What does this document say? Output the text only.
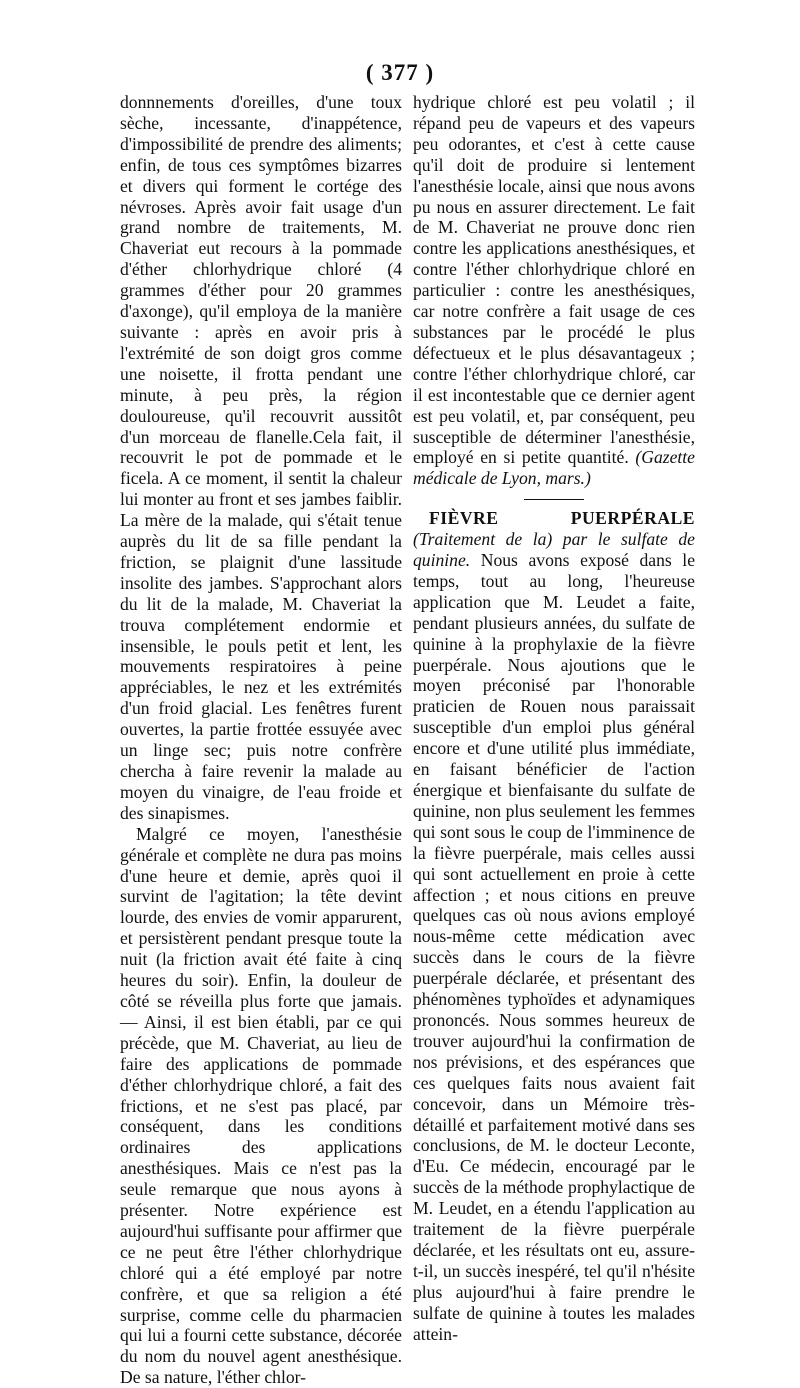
( 377 )

donnnements d'oreilles, d'une toux sèche, incessante, d'inappétence, d'impossibilité de prendre des aliments; enfin, de tous ces symptômes bizarres et divers qui forment le cortége des névroses. Après avoir fait usage d'un grand nombre de traitements, M. Chaveriat eut recours à la pommade d'éther chlorhydrique chloré (4 grammes d'éther pour 20 grammes d'axonge), qu'il employa de la manière suivante : après en avoir pris à l'extrémité de son doigt gros comme une noisette, il frotta pendant une minute, à peu près, la région douloureuse, qu'il recouvrit aussitôt d'un morceau de flanelle.Cela fait, il recouvrit le pot de pommade et le ficela. A ce moment, il sentit la chaleur lui monter au front et ses jambes faiblir. La mère de la malade, qui s'était tenue auprès du lit de sa fille pendant la friction, se plaignit d'une lassitude insolite des jambes. S'approchant alors du lit de la malade, M. Chaveriat la trouva complétement endormie et insensible, le pouls petit et lent, les mouvements respiratoires à peine appréciables, le nez et les extrémités d'un froid glacial. Les fenêtres furent ouvertes, la partie frottée essuyée avec un linge sec; puis notre confrère chercha à faire revenir la malade au moyen du vinaigre, de l'eau froide et des sinapismes.

Malgré ce moyen, l'anesthésie générale et complète ne dura pas moins d'une heure et demie, après quoi il survint de l'agitation; la tête devint lourde, des envies de vomir apparurent, et persistèrent pendant presque toute la nuit (la friction avait été faite à cinq heures du soir). Enfin, la douleur de côté se réveilla plus forte que jamais. — Ainsi, il est bien établi, par ce qui précède, que M. Chaveriat, au lieu de faire des applications de pommade d'éther chlorhydrique chloré, a fait des frictions, et ne s'est pas placé, par conséquent, dans les conditions ordinaires des applications anesthésiques. Mais ce n'est pas la seule remarque que nous ayons à présenter. Notre expérience est aujourd'hui suffisante pour affirmer que ce ne peut être l'éther chlorhydrique chloré qui a été employé par notre confrère, et que sa religion a été surprise, comme celle du pharmacien qui lui a fourni cette substance, décorée du nom du nouvel agent anesthésique. De sa nature, l'éther chlor-

hydrique chloré est peu volatil ; il répand peu de vapeurs et des vapeurs peu odorantes, et c'est à cette cause qu'il doit de produire si lentement l'anesthésie locale, ainsi que nous avons pu nous en assurer directement. Le fait de M. Chaveriat ne prouve donc rien contre les applications anesthésiques, et contre l'éther chlorhydrique chloré en particulier : contre les anesthésiques, car notre confrère a fait usage de ces substances par le procédé le plus défectueux et le plus désavantageux ; contre l'éther chlorhydrique chloré, car il est incontestable que ce dernier agent est peu volatil, et, par conséquent, peu susceptible de déterminer l'anesthésie, employé en si petite quantité. (Gazette médicale de Lyon, mars.)

FIÈVRE PUERPÉRALE (Traitement de la) par le sulfate de quinine. Nous avons exposé dans le temps, tout au long, l'heureuse application que M. Leudet a faite, pendant plusieurs années, du sulfate de quinine à la prophylaxie de la fièvre puerpérale. Nous ajoutions que le moyen préconisé par l'honorable praticien de Rouen nous paraissait susceptible d'un emploi plus général encore et d'une utilité plus immédiate, en faisant bénéficier de l'action énergique et bienfaisante du sulfate de quinine, non plus seulement les femmes qui sont sous le coup de l'imminence de la fièvre puerpérale, mais celles aussi qui sont actuellement en proie à cette affection ; et nous citions en preuve quelques cas où nous avions employé nous-même cette médication avec succès dans le cours de la fièvre puerpérale déclarée, et présentant des phénomènes typhoïdes et adynamiques prononcés. Nous sommes heureux de trouver aujourd'hui la confirmation de nos prévisions, et des espérances que ces quelques faits nous avaient fait concevoir, dans un Mémoire très-détaillé et parfaitement motivé dans ses conclusions, de M. le docteur Leconte, d'Eu. Ce médecin, encouragé par le succès de la méthode prophylactique de M. Leudet, en a étendu l'application au traitement de la fièvre puerpérale déclarée, et les résultats ont eu, assure-t-il, un succès inespéré, tel qu'il n'hésite plus aujourd'hui à faire prendre le sulfate de quinine à toutes les malades attein-
